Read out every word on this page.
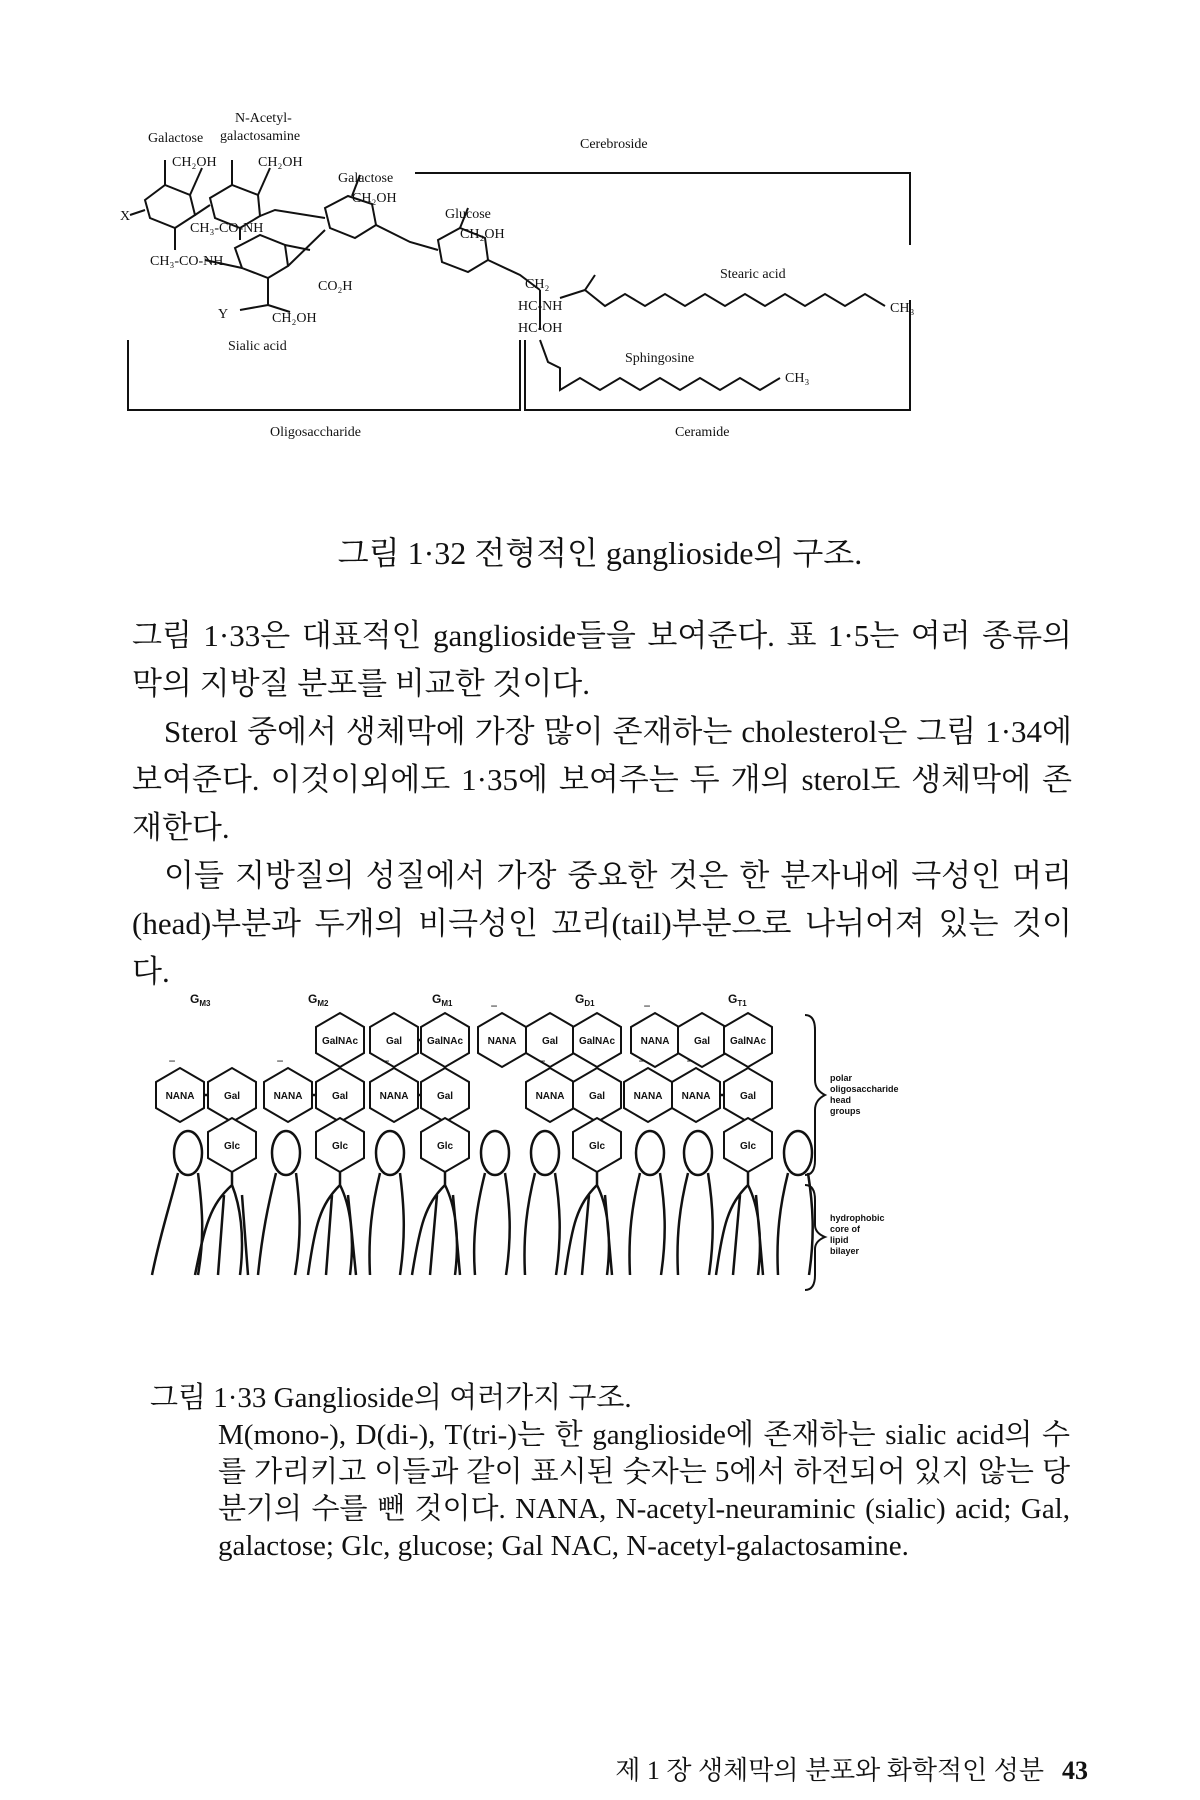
Galactose
N-Acetyl-
galactosamine
Galactose
Glucose
Cerebroside
Stearic acid
Sphingosine
Sialic acid
Oligosaccharide	Ceramide
X
Y
CH₃-CO-NH
CH₃-CO-NH
CO₂H
CH₂OH	CH₂OH
CH₂OH
CH₂OH
CH₂OH
CH₂
HC-NH
HC-OH
CH₃
CH₃
그림 1·32 전형적인 ganglioside의 구조.

그림 1·33은 대표적인 ganglioside들을 보여준다. 표 1·5는 여러 종류의 막의 지방질 분포를 비교한 것이다.

Sterol 중에서 생체막에 가장 많이 존재하는 cholesterol은 그림 1·34에 보여준다. 이것이외에도 1·35에 보여주는 두 개의 sterol도 생체막에 존재한다.

이들 지방질의 성질에서 가장 중요한 것은 한 분자내에 극성인 머리(head)부분과 두개의 비극성인 꼬리(tail)부분으로 나뉘어져 있는 것이다.

$G_{M3}$	$G_{M2}$	$G_{M1}$	$G_{D1}$	$G_{T1}$
NANA	Gal
Glc
GalNAc
NANA	Gal
Glc
Gal GalNAc
NANA	Gal
Glc
NANA	Gal GalNAc
NANA Gal
Glc
NANA Gal GalNAc
NANA NANA	Gal
Glc
−	−	−
−
−
−
−	−
polar oligosaccharide head groups
hydrophobic core of lipid bilayer

그림 1·33 Ganglioside의 여러가지 구조.

M(mono-), D(di-), T(tri-)는 한 ganglioside에 존재하는 sialic acid의 수를 가리키고 이들과 같이 표시된 숫자는 5에서 하전되어 있지 않는 당분기의 수를 뺀 것이다. NANA, N-acetyl-neuraminic (sialic) acid; Gal, galactose; Glc, glucose; Gal NAC, N-acetyl-galactosamine.

제 1 장 생체막의 분포와 화학적인 성분 43
